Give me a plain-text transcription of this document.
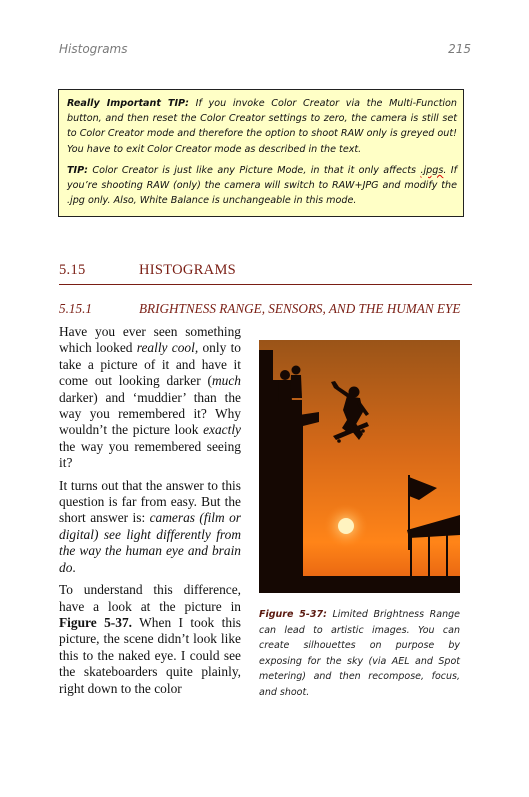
Histograms	215

Really Important TIP: If you invoke Color Creator via the Multi-Function button, and then reset the Color Creator settings to zero, the camera is still set to Color Creator mode and therefore the option to shoot RAW only is greyed out! You have to exit Color Creator mode as described in the text.

TIP: Color Creator is just like any Picture Mode, in that it only affects .jpgs. If you’re shooting RAW (only) the camera will switch to RAW+JPG and modify the .jpg only. Also, White Balance is unchangeable in this mode.

5.15	HISTOGRAMS
5.15.1	BRIGHTNESS RANGE, SENSORS, AND THE HUMAN EYE

Have you ever seen something which looked really cool, only to take a picture of it and have it come out looking darker (much darker) and ‘muddier’ than the way you remembered it? Why wouldn’t the picture look exactly the way you remembered seeing it?

It turns out that the answer to this question is far from easy. But the short answer is: cameras (film or digital) see light differently from the way the human eye and brain do.

To understand this difference, have a look at the picture in Figure 5-37. When I took this picture, the scene didn’t look like this to the naked eye. I could see the skateboarders quite plainly, right down to the color

Figure 5-37: Limited Brightness Range can lead to artistic images. You can create silhouettes on purpose by exposing for the sky (via AEL and Spot metering) and then recompose, focus, and shoot.
